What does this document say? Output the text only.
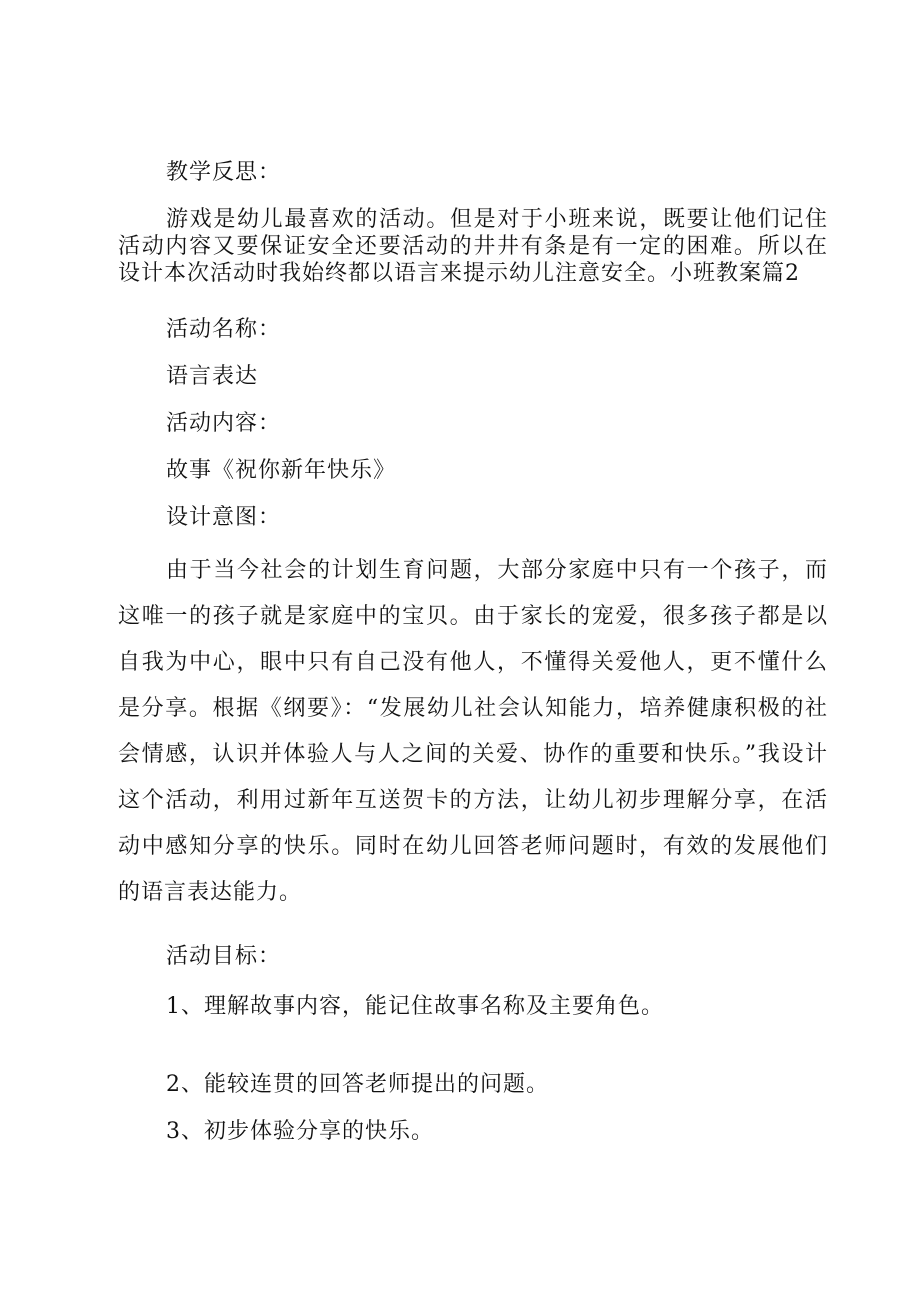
教学反思：

游戏是幼儿最喜欢的活动。但是对于小班来说，既要让他们记住活动内容又要保证安全还要活动的井井有条是有一定的困难。所以在设计本次活动时我始终都以语言来提示幼儿注意安全。小班教案篇2

活动名称：

语言表达

活动内容：

故事《祝你新年快乐》

设计意图：

由于当今社会的计划生育问题，大部分家庭中只有一个孩子，而这唯一的孩子就是家庭中的宝贝。由于家长的宠爱，很多孩子都是以自我为中心，眼中只有自己没有他人，不懂得关爱他人，更不懂什么是分享。根据《纲要》：“发展幼儿社会认知能力，培养健康积极的社会情感，认识并体验人与人之间的关爱、协作的重要和快乐。”我设计这个活动，利用过新年互送贺卡的方法，让幼儿初步理解分享，在活动中感知分享的快乐。同时在幼儿回答老师问题时，有效的发展他们的语言表达能力。

活动目标：

1、理解故事内容，能记住故事名称及主要角色。

2、能较连贯的回答老师提出的问题。

3、初步体验分享的快乐。
